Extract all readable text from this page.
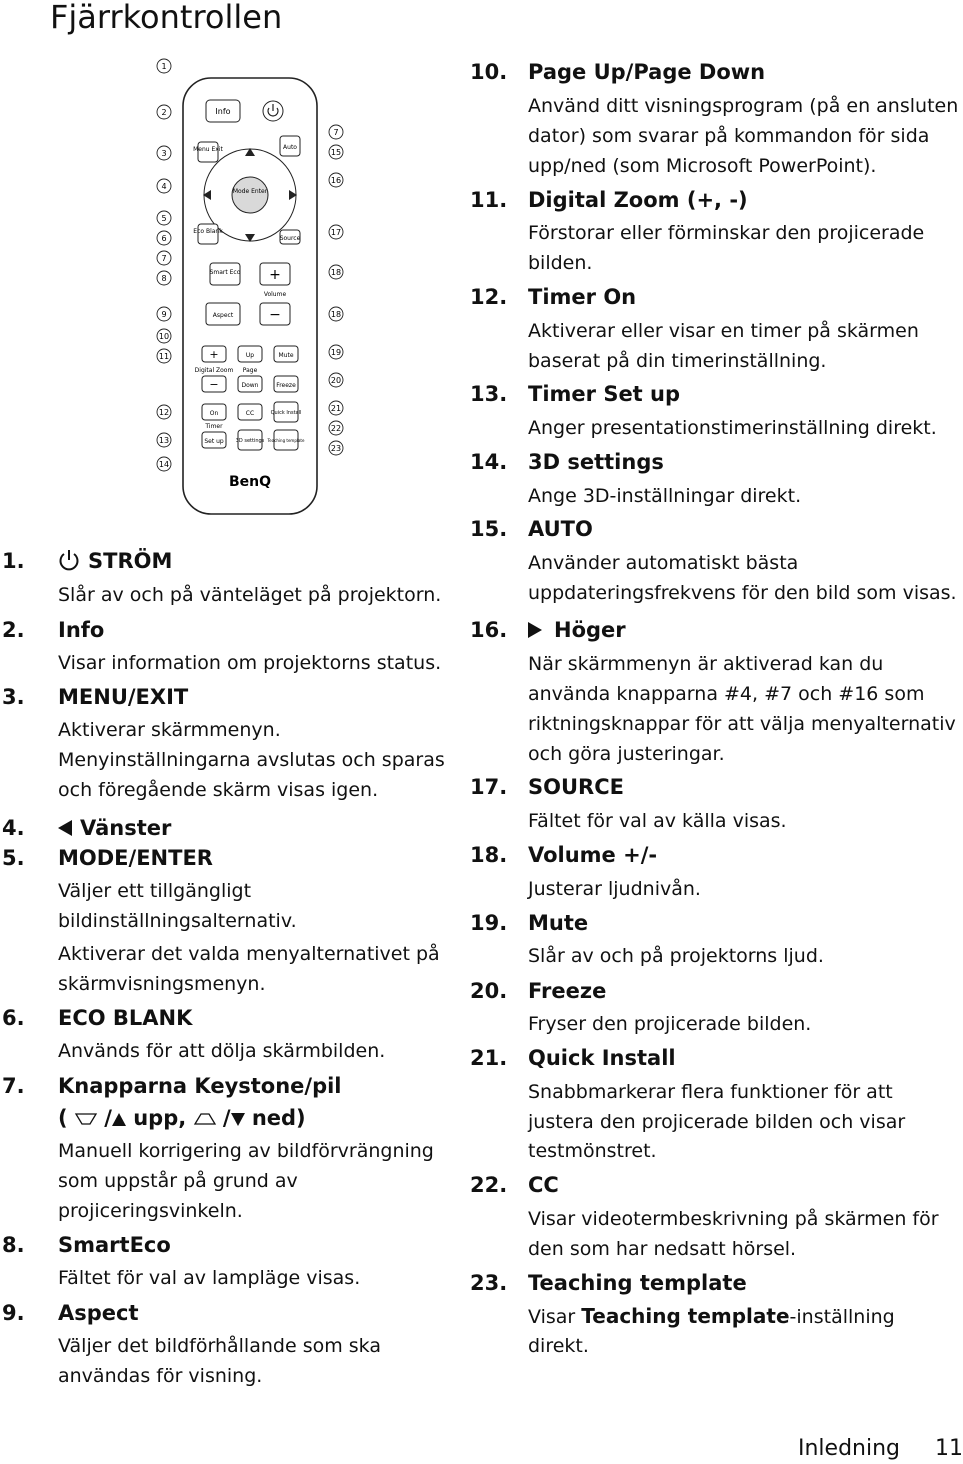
Fjärrkontrollen
Info
Menu Exit	Auto
Mode Enter
Eco Blank
Source
Smart Eco +
Volume
Aspect	−
+	Up	Mute
Digital Zoom Page
−	Down	Freeze
On	CC	Quick Install
Timer
Set up 3D settings Teaching template
BenQ
1
2
3
4
5
6
7
8
9
10
11
12
13
14
7
15
16
17
18
18
19
20
21
22
23
1.	STRÖM
Slår av och på vänteläget på projektorn.
2. Info
Visar information om projektorns status.
3. MENU/EXIT
Aktiverar skärmmenyn.
Menyinställningarna avslutas och sparas
och föregående skärm visas igen.
4.	Vänster
5. MODE/ENTER
Väljer ett tillgängligt
bildinställningsalternativ.
Aktiverar det valda menyalternativet på
skärmvisningsmenyn.
6. ECO BLANK
Används för att dölja skärmbilden.
7. Knapparna Keystone/pil
( / upp, / ned)
Manuell korrigering av bildförvrängning
som uppstår på grund av
projiceringsvinkeln.
8. SmartEco
Fältet för val av lampläge visas.
9. Aspect
Väljer det bildförhållande som ska
användas för visning.
10. Page Up/Page Down
Använd ditt visningsprogram (på en ansluten
dator) som svarar på kommandon för sida
upp/ned (som Microsoft PowerPoint).
11. Digital Zoom (+, -)
Förstorar eller förminskar den projicerade
bilden.
12. Timer On
Aktiverar eller visar en timer på skärmen
baserat på din timerinställning.
13. Timer Set up
Anger presentationstimerinställning direkt.
14. 3D settings
Ange 3D-inställningar direkt.
15. AUTO
Använder automatiskt bästa
uppdateringsfrekvens för den bild som visas.
16.	Höger
När skärmmenyn är aktiverad kan du
använda knapparna #4, #7 och #16 som
riktningsknappar för att välja menyalternativ
och göra justeringar.
17. SOURCE
Fältet för val av källa visas.
18. Volume +/-
Justerar ljudnivån.
19. Mute
Slår av och på projektorns ljud.
20. Freeze
Fryser den projicerade bilden.
21. Quick Install
Snabbmarkerar flera funktioner för att
justera den projicerade bilden och visar
testmönstret.
22. CC
Visar videotermbeskrivning på skärmen för
den som har nedsatt hörsel.
23. Teaching template
Visar Teaching template-inställning
direkt.
Inledning 11
